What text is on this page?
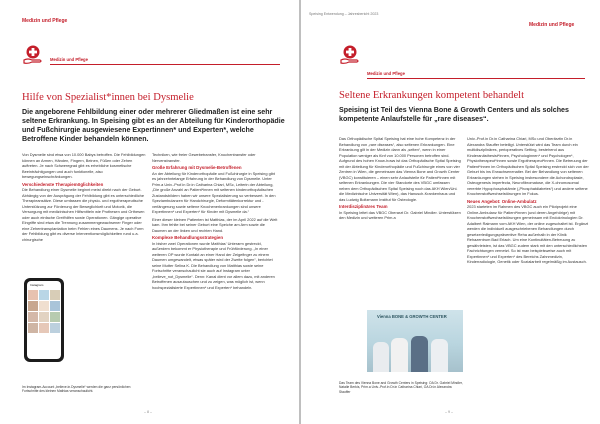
Medizin und Pflege
Medizin und Pflege
Hilfe von Spezialist*innen bei Dysmelie
Die angeborene Fehlbildung einer oder mehrerer Gliedmaßen ist eine sehr seltene Erkrankung. In Speising gibt es an der Abteilung für Kinderorthopädie und Fußchirurgie ausgewiesene Expertinnen* und Experten*, welche Betroffene Kinder behandeln können.

Von Dysmelie sind etwa von 10.000 Babys betroffen. Die Fehlbildungen können an Armen, Händen, Fingern, Beinen, Füßen oder Zehen auftreten. Je nach Schweregrad gibt es erhebliche kosmetische Beeinträchtigungen und auch funktionelle, also bewegungseinschränkungen.

Verschiedenste Therapiemöglichkeiten

Die Behandlung einer Dysmelie beginnt meist direkt nach der Geburt. Abhängig von der Ausprägung der Fehlbildung gibt es unterschiedliche Therapieansätze. Diese umfassen die physio- und ergotherapeutische Unterstützung zur Förderung der Beweglichkeit und Motorik, die Versorgung mit medizinischen Hilfsmitteln wie Prothesen und Orthesen oder auch einfache Greifhilfen sowie Operationen. Gängige operative Eingriffe sind etwa die Trennung zusammengewachsener Finger oder eine Zehentransplantation beim Fehlen eines Daumens. Je nach Form der Fehlbildung gibt es diverse Interventionsmöglichkeiten rund u.a. chirurgische

Instagram

Im Instagram-Account „believe.in.Dysmelie“ werden die ganz persönlichen Fortschritte des kleinen Mathias veranschaulicht.

Techniken, wie freier Gewebetransfer, Knochentransfer oder Nervenstransfer.

Große Erfahrung mit Dysmelie-Betroffenen

An der Abteilung für Kinderorthopädie und Fußchirurgie in Speising gibt es jahrzehntelange Erfahrung in der Behandlung von Dysmelie. Unter Prim.a Univ.-Prof.in Dr.in Catharina Chiari, MSc, Leiterin der Abteilung, „Die große Anzahl an Patient*innen mit seltenen kinderorthopädischen Zustandsbildern haben wir unsere Spezialisierung so verbessert. In den Speziambulanzen für Handchirurgie, Deformitätenkorrektur und -verlängerung sowie seltene Knochenerkrankungen sind unsere Expertinnen* und Experten* für Kinder mit Dysmelie da.“

Einer dieser kleinen Patienten ist Matthias, der im April 2022 auf die Welt kam. Ihm fehlte bei seiner Geburt eine Speiche am Arm sowie die Daumen an der linken und rechten Hand.

Komplexe Behandlungsstrategien

In bisher zwei Operationen wurde Matthias' Unterarm gestreckt, außerdem bekommt er Physiotherapie und Frühförderung. „In einer weiteren OP wurde Kontakt an einer Hand der Zeigefinger zu einem Daumen umgewandelt, etwas später wird der Zweite folgen“, berichtet seine Mutter Selina K. Die Behandlung von Matthias sowie seine Fortschritte veranschaulicht sie auch auf Instagram unter „believe_not_Dysmelie“. Denn: Kanal dient vor allem dazu, mit anderen Betroffenen auszutauschen und zu zeigen, was möglich ist, wenn hochspezialisierte Expertinnen* und Experten* behandeln.

– 8 –
Speising Entwendung – Jahresbericht 2023
Medizin und Pflege
Medizin und Pflege
Seltene Erkrankungen kompetent behandelt
Speising ist Teil des Vienna Bone & Growth Centers und als solches kompetente Anlaufstelle für „rare diseases“.

Das Orthopädische Spital Speising hat eine hohe Kompetenz in der Behandlung von „rare diseases“, also seltenen Erkrankungen. Eine Erkrankung gilt in der Medizin dann als „selten“, wenn in einer Population weniger als fünf von 10.000 Personen betroffen sind. Aufgrund des hohen Know-hows ist das Orthopädische Spital Speising mit der Abteilung für Kinderorthopädie und Fußchirurgie eines von vier Zentren in Wien, die gemeinsam das Vienna Bone and Growth Center (VBGC) konstituieren – einen sehr Anlaufstelle für Patient*innen mit seltenen Erkrankungen. Die vier Standorte des VBGC umfassen neben dem Orthopädischen Spital Speising noch das AKH Wien/Uni. die Medizinische Universität Wien), das Hanusch-Krankenhaus und das Ludwig Boltzmann Institut für Osteologie.

Interdisziplinäres Team

In Speising leitet das VBGC Oberarzt Dr. Gabriel Mindler. Unterstützen den Medizin und weiteren Prim.a

Vienna BONE & GROWTH CENTER
Das Team des Vienna Bone and Growth Centers in Speising: OA Dr. Gabriel Mindler, Natalie Berkis, Prim.a Univ.-Prof.in Dr.in Catharina Chiari, OA Dr.in Alexandra Stauffer

Univ.-Prof.in Dr.in Catharina Chiari, MSc und Oberärztin Dr.in Alexandra Stauffer beteiligt. Unterstützt wird das Team durch ein multidisziplinäres, perioperatives Setting, bestehend aus Kinderanästhesist*innen, Psychologinnen* und Psychologen*, Physiotherapeut*innen sowie Ergotherapeut*innen. Die Betreuung der Patient*innen im Orthopädischen Spital Speising erstreckt sich von der Geburt bis ins Erwachsenenalter. Bei der Behandlung von seltenen Erkrankungen stehen in Speising insbesondere die Achondroplasie, Osteogenesis imperfecta, Neurofibromatose, die X-chromosomal vererbte Hypophosphatämie („Phosphatdiabetes“) und andere seltene Knochenstoffwechselstörungen im Fokus.

Neues Angebot: Online-Ambulatz

2023 starteten im Rahmen des VBGC auch ein Pilotprojekt eine Online-Ambulanz für Patient*innen (und deren Angehörige) mit Knochenstoffwechselstörungen gemeinsam mit Endokrinologien Dr. Adalbert Raimann vom AKH Wien, der online zugeschaltet ist. Ergänzt werden die individuell ausgeschriebenen Behandlungen durch gesetzerledigungspräventive Reha außerhalb in der Klinik Rehazentrum Bad Erlach. Um eine Kontinuitäten-Betreuung zu gewährleisten, ist das VBGC zudem stark mit den unterschiedlichsten Fachrichtungen vernetzt. So ist man beispielsweise auch mit Expertinnen* und Experten* des Bereichs Zahnmedizin, Kinderradiologie, Genetik oder Sozialarbeit regelmäßig im Austausch.

– 9 –
